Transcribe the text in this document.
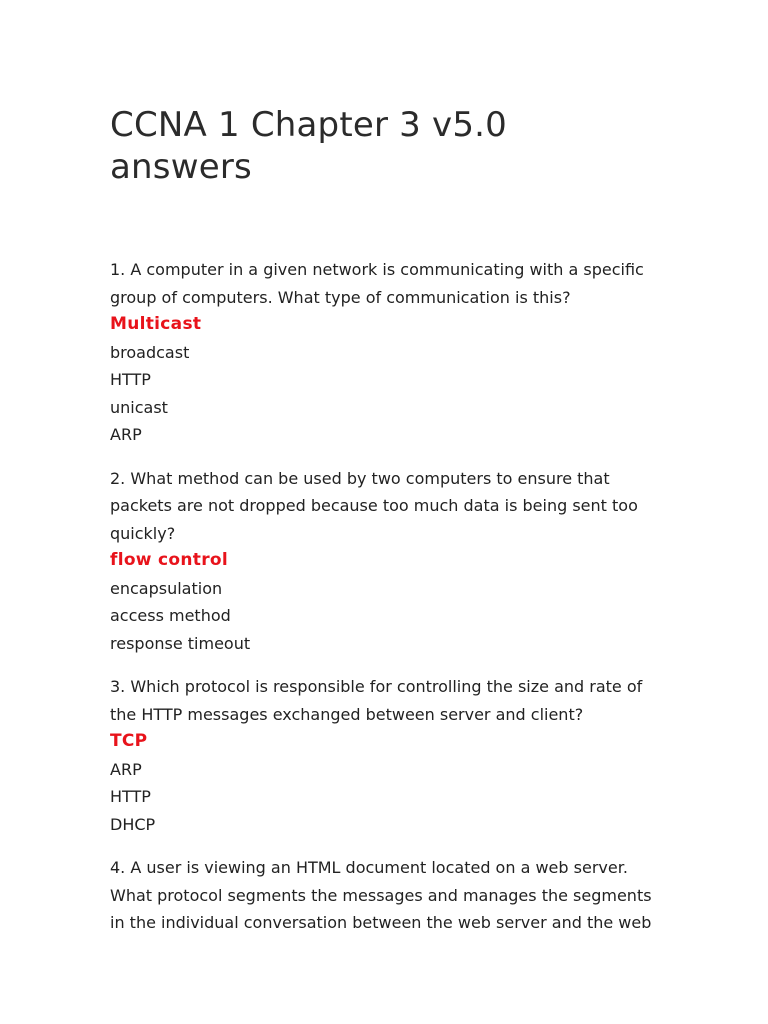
CCNA 1 Chapter 3 v5.0
answers

1. A computer in a given network is communicating with a specific group of computers. What type of communication is this?

Multicast

broadcast

HTTP

unicast

ARP

2. What method can be used by two computers to ensure that packets are not dropped because too much data is being sent too quickly?

flow control

encapsulation

access method

response timeout

3. Which protocol is responsible for controlling the size and rate of the HTTP messages exchanged between server and client?

TCP

ARP

HTTP

DHCP

4. A user is viewing an HTML document located on a web server. What protocol segments the messages and manages the segments in the individual conversation between the web server and the web
